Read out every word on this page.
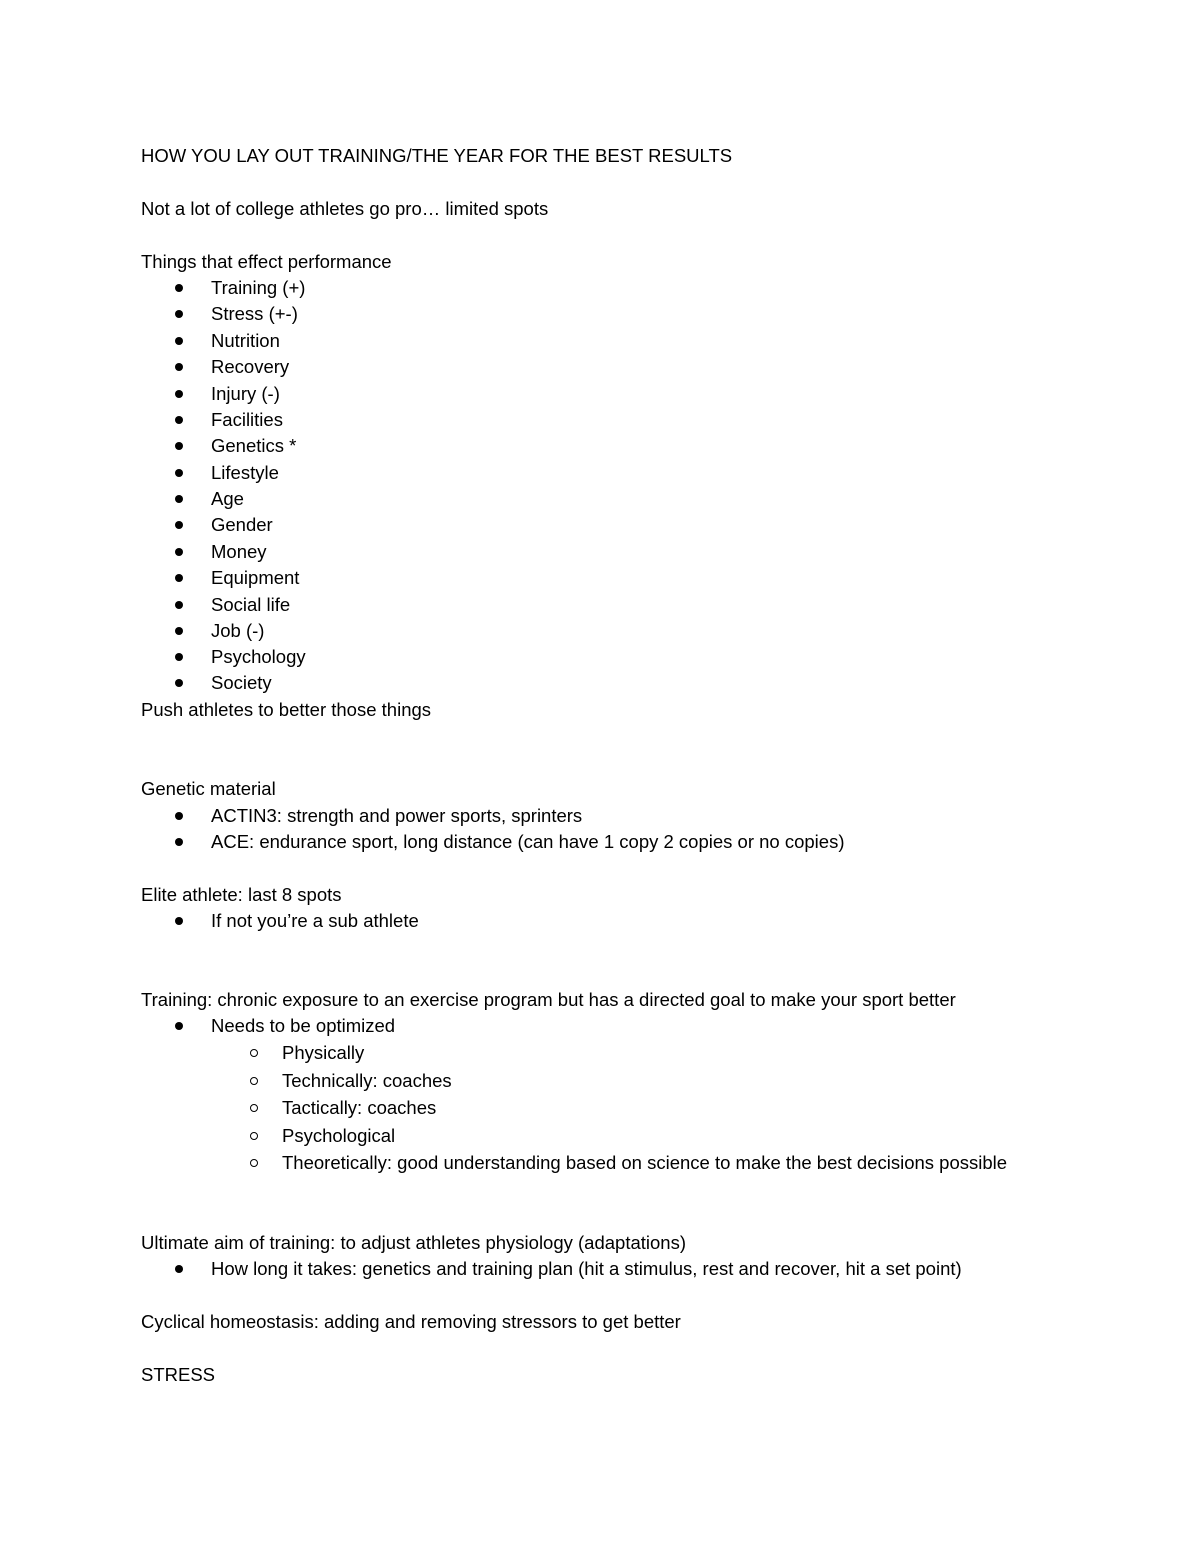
HOW YOU LAY OUT TRAINING/THE YEAR FOR THE BEST RESULTS
Not a lot of college athletes go pro… limited spots
Things that effect performance
Training (+)
Stress (+-)
Nutrition
Recovery
Injury (-)
Facilities
Genetics *
Lifestyle
Age
Gender
Money
Equipment
Social life
Job (-)
Psychology
Society
Push athletes to better those things
Genetic material
ACTIN3: strength and power sports, sprinters
ACE: endurance sport, long distance (can have 1 copy 2 copies or no copies)
Elite athlete: last 8 spots
If not you’re a sub athlete
Training: chronic exposure to an exercise program but has a directed goal to make your sport better
Needs to be optimized
Physically
Technically: coaches
Tactically: coaches
Psychological
Theoretically: good understanding based on science to make the best decisions possible
Ultimate aim of training: to adjust athletes physiology (adaptations)
How long it takes: genetics and training plan (hit a stimulus, rest and recover, hit a set point)
Cyclical homeostasis: adding and removing stressors to get better
STRESS
